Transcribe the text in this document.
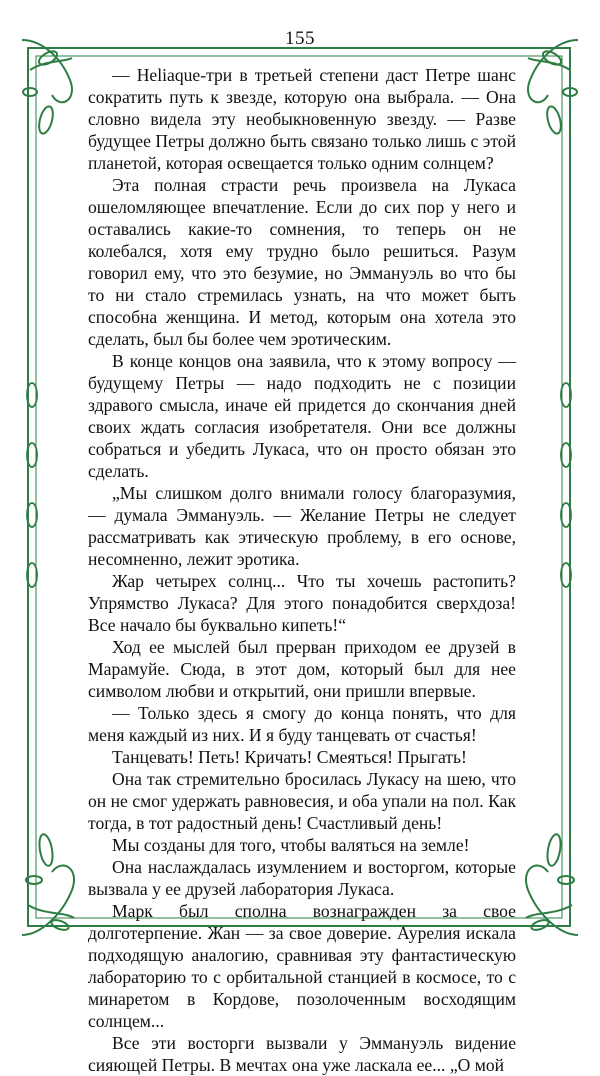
155

— Heliaque-три в третьей степени даст Петре шанс сократить путь к звезде, которую она выбрала. — Она словно видела эту необыкновенную звезду. — Разве будущее Петры должно быть связано только лишь с этой планетой, которая освещается только одним солнцем?

Эта полная страсти речь произвела на Лукаса ошеломляющее впечатление. Если до сих пор у него и оставались какие-то сомнения, то теперь он не колебался, хотя ему трудно было решиться. Разум говорил ему, что это безумие, но Эммануэль во что бы то ни стало стремилась узнать, на что может быть способна женщина. И метод, которым она хотела это сделать, был бы более чем эротическим.

В конце концов она заявила, что к этому вопросу — будущему Петры — надо подходить не с позиции здравого смысла, иначе ей придется до скончания дней своих ждать согласия изобретателя. Они все должны собраться и убедить Лукаса, что он просто обязан это сделать.

„Мы слишком долго внимали голосу благоразумия, — думала Эммануэль. — Желание Петры не следует рассматривать как этическую проблему, в его основе, несомненно, лежит эротика.

Жар четырех солнц... Что ты хочешь растопить? Упрямство Лукаса? Для этого понадобится сверхдоза! Все начало бы буквально кипеть!“

Ход ее мыслей был прерван приходом ее друзей в Марамуйе. Сюда, в этот дом, который был для нее символом любви и открытий, они пришли впервые.

— Только здесь я смогу до конца понять, что для меня каждый из них. И я буду танцевать от счастья!

Танцевать! Петь! Кричать! Смеяться! Прыгать!

Она так стремительно бросилась Лукасу на шею, что он не смог удержать равновесия, и оба упали на пол. Как тогда, в тот радостный день! Счастливый день!

Мы созданы для того, чтобы валяться на земле!

Она наслаждалась изумлением и восторгом, которые вызвала у ее друзей лаборатория Лукаса.

Марк был сполна вознагражден за свое долготерпение. Жан — за свое доверие. Аурелия искала подходящую аналогию, сравнивая эту фантастическую лабораторию то с орбитальной станцией в космосе, то с минаретом в Кордове, позолоченным восходящим солнцем...

Все эти восторги вызвали у Эммануэль видение сияющей Петры. В мечтах она уже ласкала ее... „О мой
